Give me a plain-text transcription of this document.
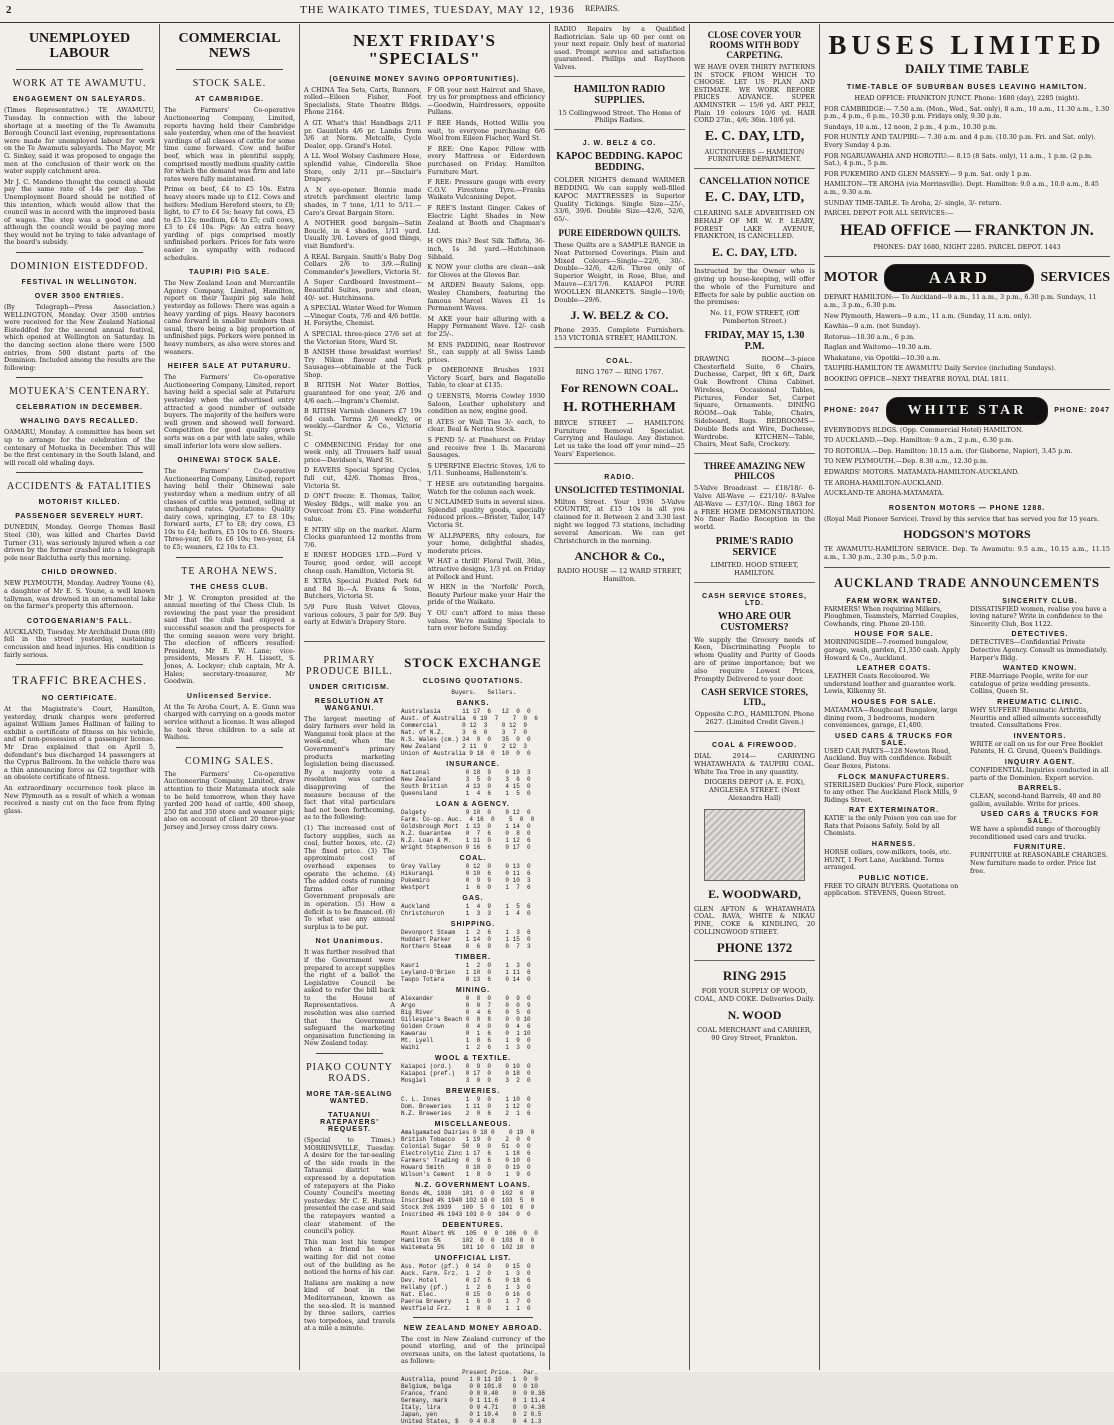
2	THE WAIKATO TIMES, TUESDAY, MAY 12, 1936 REPAIRS.
UNEMPLOYED LABOUR
WORK AT TE AWAMUTU.
ENGAGEMENT ON SALEYARDS.

(Times Representative.) TE AWAMUTU, Tuesday. In connection with the labour shortage at a meeting of the Te Awamutu Borough Council last evening, representations were made for unemployed labour for work on the Te Awamutu saleyards. The Mayor, Mr G. Sinkey, said it was proposed to engage the men at the conclusion of their work on the water supply catchment area.

Mr J. C. Mandeno thought the council should pay the same rate of 14s per day. The Unemployment Board should be notified of this intention, which would allow that the council was in accord with the improved basis of wages. The step was a good one and although the council would be paying more they would not be trying to take advantage of the board's subsidy.

DOMINION EISTEDDFOD.
FESTIVAL IN WELLINGTON.
OVER 3500 ENTRIES.

(By Telegraph—Press Association.) WELLINGTON, Monday. Over 3500 entries were received for the New Zealand National Eisteddfod for the second annual festival, which opened at Wellington on Saturday. In the dancing section alone there were 1500 entries, from 500 distant parts of the Dominion. Included among the results are the following:

MOTUEKA'S CENTENARY.
CELEBRATION IN DECEMBER.
WHALING DAYS RECALLED.

OAMARU, Monday. A committee has been set up to arrange for the celebration of the centenary of Motueka in December. This will be the first centenary in the South Island, and will recall old whaling days.

ACCIDENTS & FATALITIES
MOTORIST KILLED.
PASSENGER SEVERELY HURT.

DUNEDIN, Monday. George Thomas Basil Steel (30), was killed and Charles David Turner (31), was seriously injured when a car driven by the former crashed into a telegraph pole near Balclutha early this morning.

CHILD DROWNED.

NEW PLYMOUTH, Monday. Audrey Youne (4), a daughter of Mr E. S. Youne, a well known tallyman, was drowned in an ornamental lake on the farmer's property this afternoon.

COTOGENARIAN'S FALL.

AUCKLAND, Tuesday. Mr Archibald Dunn (80) fell in the street yesterday, sustaining concussion and head injuries. His condition is fairly serious.

TRAFFIC BREACHES.
NO CERTIFICATE.

At the Magistrate's Court, Hamilton, yesterday, drunk charges were preferred against William James Hallinan of failing to exhibit a certificate of fitness on his vehicle, and of non-possession of a passenger license. Mr Drae explained that on April 5, defendant's bus discharged 14 passengers at the Cyprus Ballroom. In the vehicle there was a thin announcing force as G2 together with an obsolete certificate of fitness.

An extraordinary occurrence took place in New Plymouth as a result of which a woman received a nasty cut on the face from flying glass.

COMMERCIAL NEWS
STOCK SALE.
AT CAMBRIDGE.

The Farmers' Co-operative Auctioneering Company, Limited, reports having held their Cambridge sale yesterday, when one of the heaviest yardings of all classes of cattle for some time came forward. Cow and heifer beef, which was in plentiful supply, comprised mostly medium quality cattle for which the demand was firm and late rates were fully maintained.

Prime ox beef, £4 to £5 10s. Extra heavy steers made up to £12. Cows and heifers: Medium Hereford steers, to £9; light, to £7 to £4 5s; heavy fat cows, £5 to £5 12s; medium, £4 to £5; cull cows, £3 to £4 10s. Pigs: An extra heavy yarding of pigs comprised mostly unfinished porkers. Prices for fats were easier in sympathy with reduced schedules.

TAUPIRI PIG SALE.

The New Zealand Loan and Mercantile Agency Company, Limited, Hamilton, report on their Taupiri pig sale held yesterday as follows: There was again a heavy yarding of pigs. Heavy baconers came forward in smaller numbers than usual, there being a big proportion of unfinished pigs. Porkers were penned in heavy numbers, as also were stores and weaners.

HEIFER SALE AT PUTARURU.

The Farmers' Co-operative Auctioneering Company, Limited, report having held a special sale at Putaruru yesterday when the advertised entry attracted a good number of outside buyers. The majority of the heifers were well grown and showed well forward. Competition for good quality grown sorts was on a par with late sales, while small inferior lots were slow sellers.

OHINEWAI STOCK SALE.

The Farmers' Co-operative Auctioneering Company, Limited, report having held their Ohinewai sale yesterday when a medium entry of all classes of cattle was penned, selling at unchanged rates. Quotations: Quality dairy cows, springing, £7 to £8 10s; forward sorts, £7 to £8; dry cows, £3 10s to £4; heifers, £5 10s to £6. Steers: Three-year, £6 to £6 10s; two-year, £4 to £5; weaners, £2 10s to £3.

TE AROHA NEWS.
THE CHESS CLUB.

Mr J. W. Crompton presided at the annual meeting of the Chess Club. In reviewing the past year the president said that the club had enjoyed a successful season and the prospects for the coming season were very bright. The election of officers resulted: President, Mr E. W. Lane; vice-presidents, Messrs F. H. Lissett, S. Jones, A. Lockyer; club captain, Mr A. Hales; secretary-treasurer, Mr Goodwin.

Unlicensed Service.

At the Te Aroha Court, A. E. Gunn was charged with carrying on a goods motor service without a license. It was alleged he took three children to a sale at Waihou.

COMING SALES.

The Farmers' Co-operative Auctioneering Company, Limited, draw attention to their Matamata stock sale to be held tomorrow, when they have yarded 200 head of cattle, 400 sheep, 250 fat and 350 store and weaner pigs; also on account of client 20 three-year Jersey and Jersey cross dairy cows.

NEXT FRIDAY'S "SPECIALS"
(GENUINE MONEY SAVING OPPORTUNITIES).

A CHINA Tea Sets, Carts, Runners, rolled—Eileen Fisher, Foot Specialists, State Theatre Bldgs. Phone 2164.

A GT. What's this! Handbags 2/11 pr. Gauntlets 4/6 pr. Lambs from 3/6 at Norm. Metcalfe, Cycle Dealer, opp. Grand's Hotel.

A LL Wool Wolsey Cashmere Hose, splendid value, Cinderella Shoe Store, only 2/11 pr.—Sinclair's Drapery.

A N eye-opener. Bonnie made stretch parchment electric lamp shades, in 7 tone, 1/11 to 5/11.—Caro's Great Bargain Store.

A NOTHER good bargain—Satin Bouclé, in 4 shades, 1/11 yard. Usually 3/6. Lovers of good things, visit Bamford's.

A REAL Bargain. Smith's Baby Dog Collars 2/6 to 3/9.—Ruling Commander's Jewellers, Victoria St.

A Super Cardboard Investment—Beautiful Suites, pure and clean, 40/- set. Hutchinsons.

A SPECIAL Winter Weed for Women—Vinegar Coats, 7/6 and 4/6 bottle. H. Forsythe, Chemist.

A SPECIAL three-piece 27/6 set at the Victorian Store, Ward St.

B ANISH those breakfast worries! Try Nikon flavour and Pork Sausages—obtainable at the Tuck Shop.

B RITISH Not Water Bottles, guaranteed for one year, 2/6 and 4/6 each.—Ingram's Chemist.

B RITISH Varnish cleaners £7 19s 6d cash. Terms 2/6 weekly, or weekly.—Gardner & Co., Victoria St.

C OMMENCING Friday for one week only, all Trousers half usual price—Davidson's, Ward St.

D EAVERS Special Spring Cycles, full cut, 42/6. Thomas Bros., Victoria St.

D ON'T freeze: E. Thomas, Tailor, Wesley Bldgs., will make you an Overcoat from £5. Fine wonderful value.

E NTRY slip on the market. Alarm Clocks guaranteed 12 months from 7/6.

E RNEST HODGES LTD.—Ford V Tourer, good order, will accept cheap cash. Hamilton, Victoria St.

E XTRA Special Pickled Pork 6d and 8d lb.—A. Evans & Sons, Butchers, Victoria St.

5/9 Pure Rush Velvet Gloves, various colours, 3 pair for 5/9. Buy early at Edwin's Drapery Store.

F OR your next Haircut and Shave, try us for promptness and efficiency—Goodwin, Hairdressers, opposite Pullans.

F REE Hands, Hotted Willis you wait, to everyone purchasing 6/6 Wool from Eileen Fischer, Ward St.

F REE: One Kapoc Pillow with every Mattress or Eiderdown purchased on Friday. Hamilton Furniture Mart.

F REE: Pressure gauge with every C.O.V. Firestone Tyre.—Franks Waikato Vulcanising Depot.

F REE'S Instant Ginger. Cakes of Electric Light Shades in New Zealand at Booth and Chapman's Ltd.

H OWS this? Best Silk Taffeta, 36-inch, 1s 3d yard.—Hutchinson Sibbald.

K NOW your cloths are clean—ask for Gloves at the Gloves Bar.

M ARDEN Beauty Salons, opp. Wesley Chambers, featuring the famous Marcel Waves £1 1s Permanent Waves.

M AKE your hair alluring with a Happy Permanent Wave. 12/- cash for 25/-.

M ENS PADDING, near Rostrevor St., can supply at all Swiss Lamb prices.

P OMERONNE Brushes 1931 Victory Scarf, bars and Bagatelle Table, to clear at £135.

Q UEENSTS, Morris Cowley 1930 Saloon, Leather upholstery and condition as new, engine good.

R ATES or Wall Ties 3/- each, to clear. Beal & Nerina Stock.

S PEND 5/- at Pinehurst on Friday and receive free 1 lb. Macaroni Sausages.

S UPERFINE Electric Stoves, 1/6 to 1/11. Sunbeams, Hallenstein's.

T HESE are outstanding bargains. Watch for the column each week.

U NCLAIMED Suits in several sizes. Splendid quality goods, specially reduced prices.—Brister, Tailor, 147 Victoria St.

W ALLPAPERS, fifty colours, for your home, delightful shades, moderate prices.

W HAT a thrill! Floral Twill, 36in., attractive designs, 1/3 yd. on Friday at Pollock and Hunt.

W HEN in the 'Norfolk' Porch, Beauty Parlour make your Hair the pride of the Waikato.

Y OU can't afford to miss these values. We're making Specials to turn over before Sunday.

PRIMARY PRODUCE BILL.
UNDER CRITICISM.
RESOLUTION AT WANGANUI.

The largest meeting of dairy farmers ever held in Wanganui took place at the week-end, when the Government's primary products marketing legislation being discussed. By a majority vote a resolution was carried disapproving of the measure because of the fact that vital particulars had not been forthcoming, as to the following:

(1) The increased cost of factory supplies, such as coal, butter boxes, etc. (2) The fixed price. (3) The approximate cost of overhead expenses to operate the scheme. (4) The added costs of running farms after other Government proposals are in operation. (5) How a deficit is to be financed. (6) To what use any annual surplus is to be put.

Not Unanimous.

It was further resolved that if the Government were prepared to accept supplies the right of a ballot the Legislative Council be asked to refer the bill back to the House of Representatives. A resolution was also carried that the Government safeguard the marketing organisation functioning in New Zealand today.

PIAKO COUNTY ROADS.
MORE TAR-SEALING WANTED.
TATUANUI RATEPAYERS' REQUEST.

(Special to Times.) MORRINSVILLE, Tuesday. A desire for the tar-sealing of the side roads in the Tatuanui district was expressed by a deputation of ratepayers at the Piako County Council's meeting yesterday. Mr C. E. Hutton presented the case and said the ratepayers wanted a clear statement of the council's policy.

This man lost his temper when a friend he was waiting for did not come out of the building as he noticed the horns of his car.

Italians are making a new kind of boat in the Mediterranean, known as the sea-sled. It is manned by three sailors, carries two torpedoes, and travels at a mile a minute.

STOCK EXCHANGE
CLOSING QUOTATIONS.
Buyers.   Sellers.
BANKS.
Australasia      11 17  6   12  0  0
Aust. of Australia  6 19  7    7  0  6
Commercial       0 12  3    0 12  9
Nat. of N.Z.     3  6  0    3  7  0
N.S. Wales (cm.) 34  0  0   35  0  0
New Zealand      2 11  9    2 12  3
Union of Australia 9 18  0  10  0  0
INSURANCE.
National          0 18  9    0 19  3
New Zealand       3  5  0    3  6  0
South British     4 13  0    4 15  0
Queensland        1  4  6    1  5  0
LOAN & AGENCY.
Dalgety           9 10  0    9 12  0
Farm. Co-op. Auc.  4 16  0    5  0  0
Goldsbrough Mort  1 13  0    1 14  0
N.Z. Guarantee    0  7  6    0  8  0
N.Z. Loan & M.    1 11  0    1 12  6
Wright Stephenson 0 16  6    0 17  0
COAL.
Grey Valley       0 12  0    0 13  0
Hikurangi         0 10  6    0 11  6
Pukemiro          0  9  9    0 10  3
Westport          1  6  0    1  7  6
GAS.
Auckland          1  4  9    1  5  6
Christchurch      1  3  3    1  4  0
SHIPPING.
Devonport Steam   1  2  6    1  3  6
Huddart Parker    1 14  0    1 15  0
Northern Steam    0  6  9    0  7  3
TIMBER.
Kauri             1  2  0    1  3  0
Leyland-O'Brien   1 10  0    1 11  6
Taupo Totara      0 13  6    0 14  0
MINING.
Alexander         0  8  0    0  9  0
Argo              0  0  7    0  0  9
Big River         0  4  6    0  5  0
Gillespie's Beach 0  0  8    0  0 10
Golden Crown      0  4  0    0  4  6
Kawarau           0  1  6    0  1 10
Mt. Lyell         1  8  6    1  9  0
Waihi             1  2  6    1  3  0
WOOL & TEXTILE.
Kaiapoi (ord.)    0  9  0    0 10  0
Kaiapoi (pref.)   0 17  0    0 18  0
Mosgiel           3  0  0    3  2  0
BREWERIES.
C. L. Innes       1  9  0    1 10  0
Dom. Breweries    1 11  0    1 12  0
N.Z. Breweries    2  0  6    2  1  6
MISCELLANEOUS.
Amalgamated Dairies 0 18 0    0 19  0
British Tobacco   1 19  0    2  0  0
Colonial Sugar   50  0  0   51  0  0
Electrolytic Zinc 1 17  6    1 18  6
Farmers' Trading  0  9  6    0 10  0
Howard Smith      0 18  0    0 19  0
Wilson's Cement   1  8  0    1  9  0
N.Z. GOVERNMENT LOANS.
Bonds 4%, 1938   101  0  0  102  0  0
Inscribed 4% 1940 102 10 0  103  5  0
Stock 3½% 1939   100  5  0  101  0  0
Inscribed 4% 1943 103 0 0  104  0  0
DEBENTURES.
Mount Albert 6%   105  0  0  106  0  0
Hamilton 5%      102  0  0  103  0  0
Waitemata 5%     101 10  0  102 10  0
UNOFFICIAL LIST.
Ass. Motor (pf.)  0 14  0    0 15  0
Auck. Farm. Frz.  1  2  0    1  3  0
Dev. Hotel        0 17  6    0 18  6
Hellaby (pf.)     1  2  6    1  3  0
Nat. Elec.        0 15  0    0 16  0
Paeroa Brewery    1  6  0    1  7  0
Westfield Frz.    1  0  0    1  1  0
NEW ZEALAND MONEY ABROAD.

The cost in New Zealand currency of the pound sterling, and of the principal overseas units, on the latest quotations, is as follows:

Present Price.   Par.
Australia, pound   1 0 11 10   1  0  0
Belgium, belga     0 0 101.8   0  0 10
France, franc      0 0 0.40    0  0 0.36
Germany, mark      0 1 11.6    0  1 11.4
Italy, lira        0 0 4.71    0  0 4.38
Japan, yen         0 1 10.4    0  2 0.5
United States, $   0 4 0.8     0  4 1.3

RADIO Repairs by a Qualified Radiotrician. Sale up 60 per cent on your next repair. Only best of material used. Prompt service and satisfaction guaranteed. Phillips and Raytheon Valves.

HAMILTON RADIO SUPPLIES.

15 Collingwood Street. The Home of Philips Radios.

J. W. BELZ & CO.
KAPOC BEDDING. KAPOC BEDDING.

COLDER NIGHTS demand WARMER BEDDING. We can supply well-filled KAPOC MATTRESSES in Superior Quality Tickings. Single Size—25/-, 33/6, 39/6. Double Size—42/6, 52/6, 65/-.

PURE EIDERDOWN QUILTS.

These Quilts are a SAMPLE RANGE in Neat Patterned Coverings. Plain and Mixed Colours—Single—22/6, 30/-. Double—32/6, 42/6. Three only of Superior Weight, in Rose, Blue, and Mauve—£3/17/6. KAIAPOI PURE WOOLLEN BLANKETS. Single—19/6; Double—29/6.

J. W. BELZ & CO.

Phone 2935. Complete Furnishers. 153 VICTORIA STREET, HAMILTON.

COAL.

RING 1767 — RING 1767.

For RENOWN COAL.
H. ROTHERHAM

BRYCE STREET — HAMILTON. Furniture Removal Specialist. Carrying and Haulage. Any distance. Let us take the load off your mind—25 Years' Experience.

RADIO.
UNSOLICITED TESTIMONIAL

Milton Street. Your 1936 5-Valve COUNTRY, at £15 10s is all you claimed for it. Between 2 and 3.30 last night we logged 73 stations, including several American. We can get Christchurch in the morning.

ANCHOR & Co.,

RADIO HOUSE — 12 WARD STREET, Hamilton.

CLOSE COVER YOUR ROOMS WITH BODY CARPETING.

WE HAVE OVER THIRTY PATTERNS IN STOCK FROM WHICH TO CHOOSE. LET US PLAN AND ESTIMATE. WE WORK BEFORE PRICES ADVANCE. SUPER AXMINSTER — 15/6 yd. ART PELT, Plain 19 colours 10/6 yd. HAIR CORD 27in., 4/6; 36in. 10/6 yd.

E. C. DAY, LTD,

AUCTIONEERS — HAMILTON FURNITURE DEPARTMENT.

CANCELLATION NOTICE
E. C. DAY, LTD,

CLEARING SALE ADVERTISED ON BEHALF OF MR W. P. LEARY, FOREST LAKE AVENUE, FRANKTON, IS CANCELLED.

E. C. DAY, LTD.

Instructed by the Owner who is giving up house-keeping, will offer the whole of the Furniture and Effects for sale by public auction on the premises:

No. 11, FOW STREET, (Off Pemberton Street.)

FRIDAY, MAY 15, 1.30 P.M.

DRAWING ROOM—3-piece Chesterfield Suite, 6 Chairs, Duchesse, Carpet, 9ft x 6ft, Dark Oak Bowfront China Cabinet. Wireless, Occasional Tables, Pictures, Fender Set, Carpet Square, Ornaments. DINING ROOM—Oak Table, Chairs, Sideboard, Rugs. BEDROOMS—Double Beds and Wire, Duchesse, Wardrobe. KITCHEN—Table, Chairs, Meat Safe, Crockery.

THREE AMAZING NEW PHILCOS

5-Valve Broadcast — £18/18/- 6-Valve All-Wave — £21/10/- 8-Valve All-Wave — £37/10/-. Ring 1863 for a FREE HOME DEMONSTRATION. No finer Radio Reception in the world.

PRIME'S RADIO SERVICE

LIMITED. HOOD STREET, HAMILTON.

CASH SERVICE STORES, LTD.
WHO ARE OUR CUSTOMERS?

We supply the Grocery needs of Keen, Discriminating People to whom Quality and Purity of Goods are of prime importance; but we also require Lowest Prices, Promptly Delivered to your door.

CASH SERVICE STORES, LTD.,

Opposite C.P.O., HAMILTON. Phone 2627. (Limited Credit Given.)

COAL & FIREWOOD.

DIAL 2914— CARRYING WHATAWHATA & TAUPIRI COAL. White Tea Tree in any quantity.

DIGGERS DEPOT (A. E. FOX), ANGLESEA STREET. (Next Alexandra Hall)

E. WOODWARD,

GLEN AFTON & WHATAWHATA COAL. RAVA, WHITE & NIKAU PINE, COKE & KINDLING, 20 COLLINGWOOD STREET.

PHONE 1372
RING 2915

FOR YOUR SUPPLY OF WOOD, COAL, AND COKE. Deliveries Daily.

N. WOOD

COAL MERCHANT and CARRIER, 90 Grey Street, Frankton.

BUSES LIMITED
DAILY TIME TABLE
TIME-TABLE OF SUBURBAN BUSES LEAVING HAMILTON.

HEAD OFFICE: FRANKTON JUNCT. Phone: 1680 (day), 2285 (night).

FOR CAMBRIDGE:— 7.50 a.m. (Mon., Wed., Sat. only), 8 a.m., 10 a.m., 11.30 a.m., 1.30 p.m., 4 p.m., 6 p.m., 10.30 p.m. Fridays only, 9.30 p.m.

Sundays, 10 a.m., 12 noon, 2 p.m., 4 p.m., 10.30 p.m.

FOR HUNTLY AND TAUPIRI:— 7.30 a.m. and 4 p.m. (10.30 p.m. Fri. and Sat. only). Every Sunday 4 p.m.

FOR NGARUAWAHIA AND HOROTIU:— 8.15 (8 Sats. only), 11 a.m., 1 p.m. (2 p.m. Sat.), 4 p.m., 5 p.m.

FOR PUKEMIRO AND GLEN MASSEY:— 9 p.m. Sat. only 1 p.m.

HAMILTON—TE AROHA (via Morrinsville). Dept. Hamilton: 9.0 a.m., 10.0 a.m., 8.45 a.m., 9.30 a.m.

SUNDAY TIME-TABLE. Te Aroha, 2/- single, 3/- return.

PARCEL DEPOT FOR ALL SERVICES:—

HEAD OFFICE — FRANKTON JN.

PHONES: DAY 1680, NIGHT 2285. PARCEL DEPOT. 1443

MOTOR	AARD	SERVICES

DEPART HAMILTON:— To Auckland—9 a.m., 11 a.m., 3 p.m., 6.30 p.m. Sundays, 11 a.m., 3 p.m., 6.30 p.m.

New Plymouth, Hawera—9 a.m., 11 a.m. (Sunday, 11 a.m. only).

Kawhia—9 a.m. (not Sunday).

Rotorua—10.30 a.m., 6 p.m.

Raglan and Waitomo—10.30 a.m.

Whakatane, via Opotiki—10.30 a.m.

TAUPIRI-HAMILTON TE AWAMUTU Daily Service (including Sundays).

BOOKING OFFICE—NEXT THEATRE ROYAL DIAL 1811.

PHONE: 2047	WHITE STAR	PHONE: 2047

EVERYBODYS BLDGS. (Opp. Commercial Hotel) HAMILTON.

TO AUCKLAND.—Dep. Hamilton: 9 a.m., 2 p.m., 6.30 p.m.

TO ROTORUA.—Dep. Hamilton: 10.15 a.m. (for Gisborne, Napier), 3.45 p.m.

TO NEW PLYMOUTH.—Dep. 8.30 a.m., 12.30 p.m.

EDWARDS' MOTORS. MATAMATA-HAMILTON-AUCKLAND.

TE AROHA-HAMILTON-AUCKLAND.

AUCKLAND-TE AROHA-MATAMATA.

ROSENTON MOTORS — PHONE 1288.

(Royal Mail Pioneer Service). Travel by this service that has served you for 15 years.

HODGSON'S MOTORS

TE AWAMUTU-HAMILTON SERVICE. Dep. Te Awamutu: 9.5 a.m., 10.15 a.m., 11.15 a.m., 1.30 p.m., 2.30 p.m., 5.0 p.m.

AUCKLAND TRADE ANNOUNCEMENTS
FARM WORK WANTED.

FARMERS! When requiring Milkers, Ploughmen, Teamsters, Married Couples, Cowhands, ring. Phone 20-150.

HOUSE FOR SALE.

MORNINGSIDE—7-roomed bungalow, garage, wash, garden, £1,350 cash. Apply Howard & Co., Auckland.

LEATHER COATS.

LEATHER Coats Recoloured. We understand leather and guarantee work. Lewis, Kilkenny St.

HOUSES FOR SALE.

MATAMATA—Roughcast Bungalow, large dining room, 3 bedrooms, modern conveniences, garage, £1,400.

USED CARS & TRUCKS FOR SALE.

USED CAR PARTS—128 Newton Road, Auckland. Buy with confidence. Rebuilt Gear Boxes, Pistons.

FLOCK MANUFACTURERS.

STERILISED Duckies' Pure Flock, superior to any other. The Auckland Flock Mills, 9 Ridings Street.

RAT EXTERMINATOR.

KATIE' is the only Poison you can use for Rats that Poisons Safely. Sold by all Chemists.

HARNESS.

HORSE collars, cow-milkers, tools, etc. HUNT, 1 Fort Lane, Auckland. Terms arranged.

PUBLIC NOTICE.

FREE TO GRAIN BUYERS. Quotations on application. STEVENS, Queen Street.

SINCERITY CLUB.

DISSATISFIED women, realise you have a loving nature? Write in confidence to the Sincerity Club, Box 1122.

DETECTIVES.

DETECTIVES—Confidential Private Detective Agency. Consult us immediately. Harper's Bldg.

WANTED KNOWN.

FIRE-Marriage People, write for our catalogue of prize wedding presents. Collins, Queen St.

RHEUMATIC CLINIC.

WHY SUFFER? Rheumatic Arthritis, Neuritis and allied ailments successfully treated. Consultations Free.

INVENTORS.

WRITE or call on us for our Free Booklet Patents, H. G. Grund, Queen's Buildings.

INQUIRY AGENT.

CONFIDENTIAL Inquiries conducted in all parts of the Dominion. Expert service.

BARRELS.

CLEAN, second-hand Barrels, 40 and 80 gallon, available. Write for prices.

USED CARS & TRUCKS FOR SALE.

WE have a splendid range of thoroughly reconditioned used cars and trucks.

FURNITURE.

FURNITURE at REASONABLE CHARGES. New furniture made to order. Price list free.
